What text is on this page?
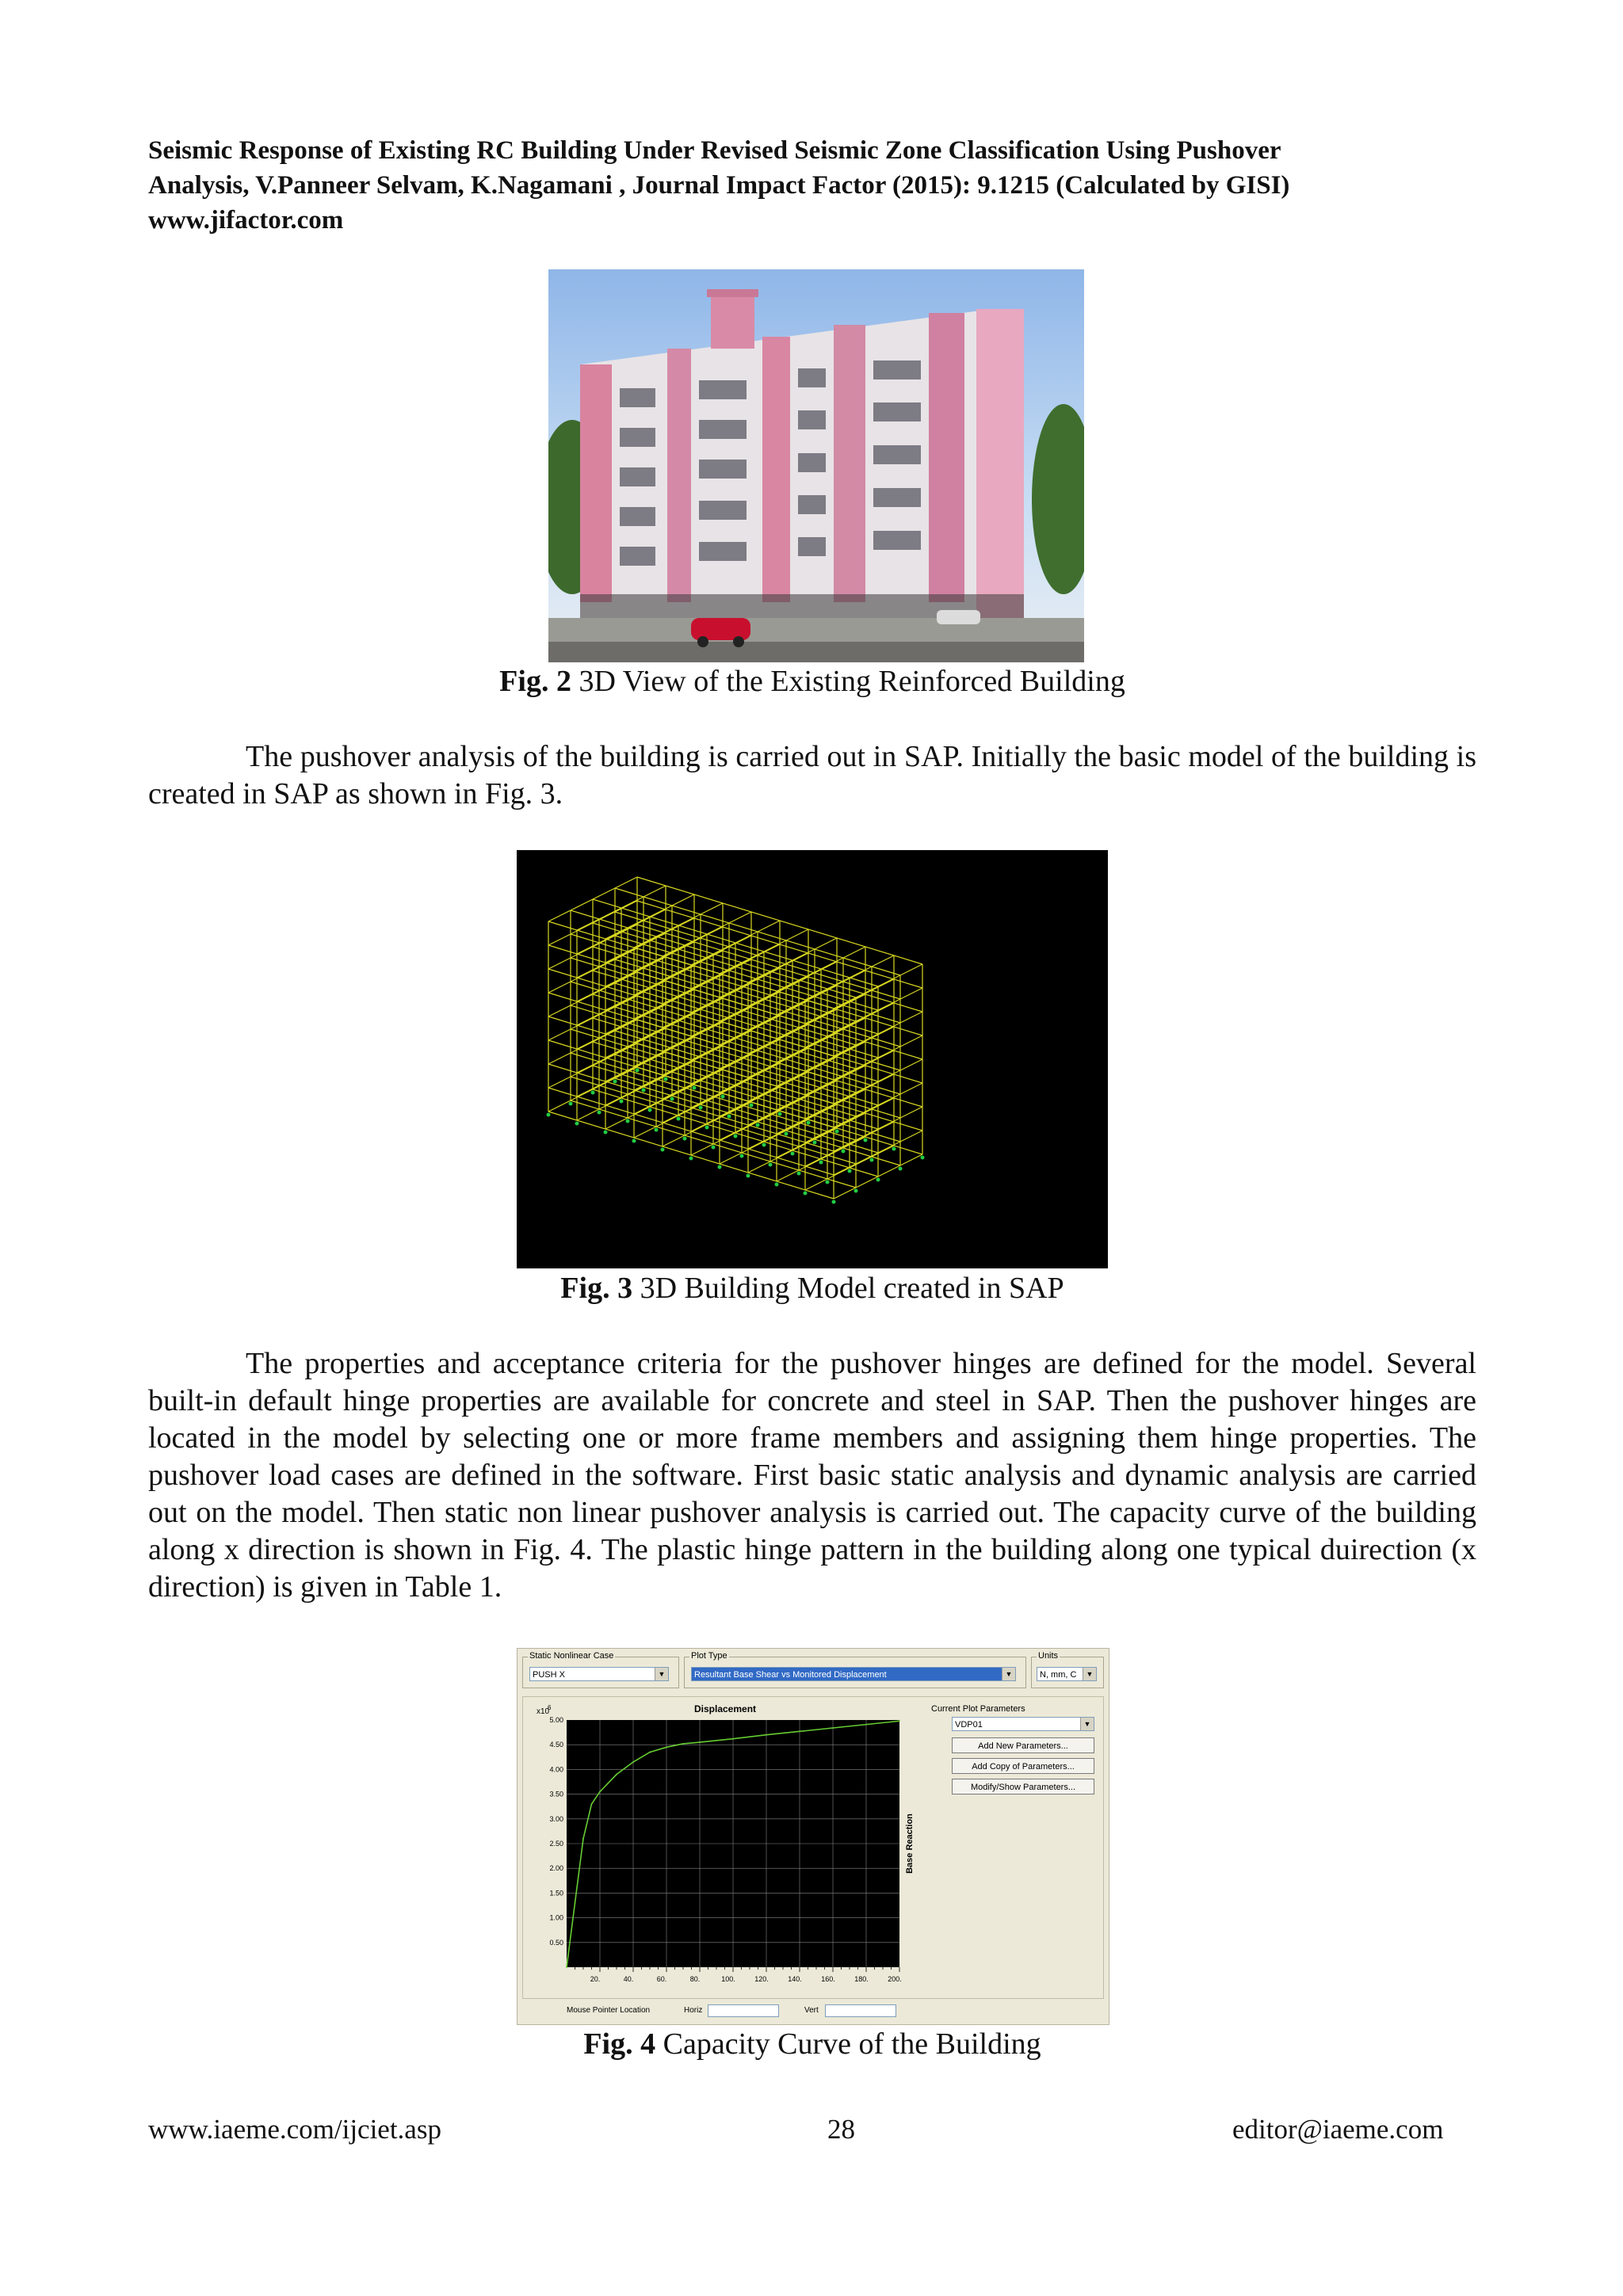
Seismic Response of Existing RC Building Under Revised Seismic Zone Classification Using Pushover
Analysis, V.Panneer Selvam, K.Nagamani , Journal Impact Factor (2015): 9.1215 (Calculated by GISI)
www.jifactor.com
Fig. 2 3D View of the Existing Reinforced Building
The pushover analysis of the building is carried out in SAP. Initially the basic model of the building is created in SAP as shown in Fig. 3.
Fig. 3 3D Building Model created in SAP
The properties and acceptance criteria for the pushover hinges are defined for the model. Several built-in default hinge properties are available for concrete and steel in SAP. Then the pushover hinges are located in the model by selecting one or more frame members and assigning them hinge properties. The pushover load cases are defined in the software. First basic static analysis and dynamic analysis are carried out on the model. Then static non linear pushover analysis is carried out. The capacity curve of the building along x direction is shown in Fig. 4. The plastic hinge pattern in the building along one typical duirection (x direction) is given in Table 1.
Static Nonlinear Case
PUSH X	▼
Plot Type
Resultant Base Shear vs Monitored Displacement	▼
Units
N, mm, C	▼
Displacement
x10
6
0.50
1.00
1.50
2.00
2.50
3.00
3.50
4.00
4.50
5.00
20.	40.	60.	80.	100.	120.	140.	160.	180.	200.
Base Reaction
Current Plot Parameters
VDP01	▼
Add New Parameters...
Add Copy of Parameters...
Modify/Show Parameters...
Mouse Pointer Location	Horiz	Vert
Fig. 4 Capacity Curve of the Building
www.iaeme.com/ijciet.asp	28	editor@iaeme.com
